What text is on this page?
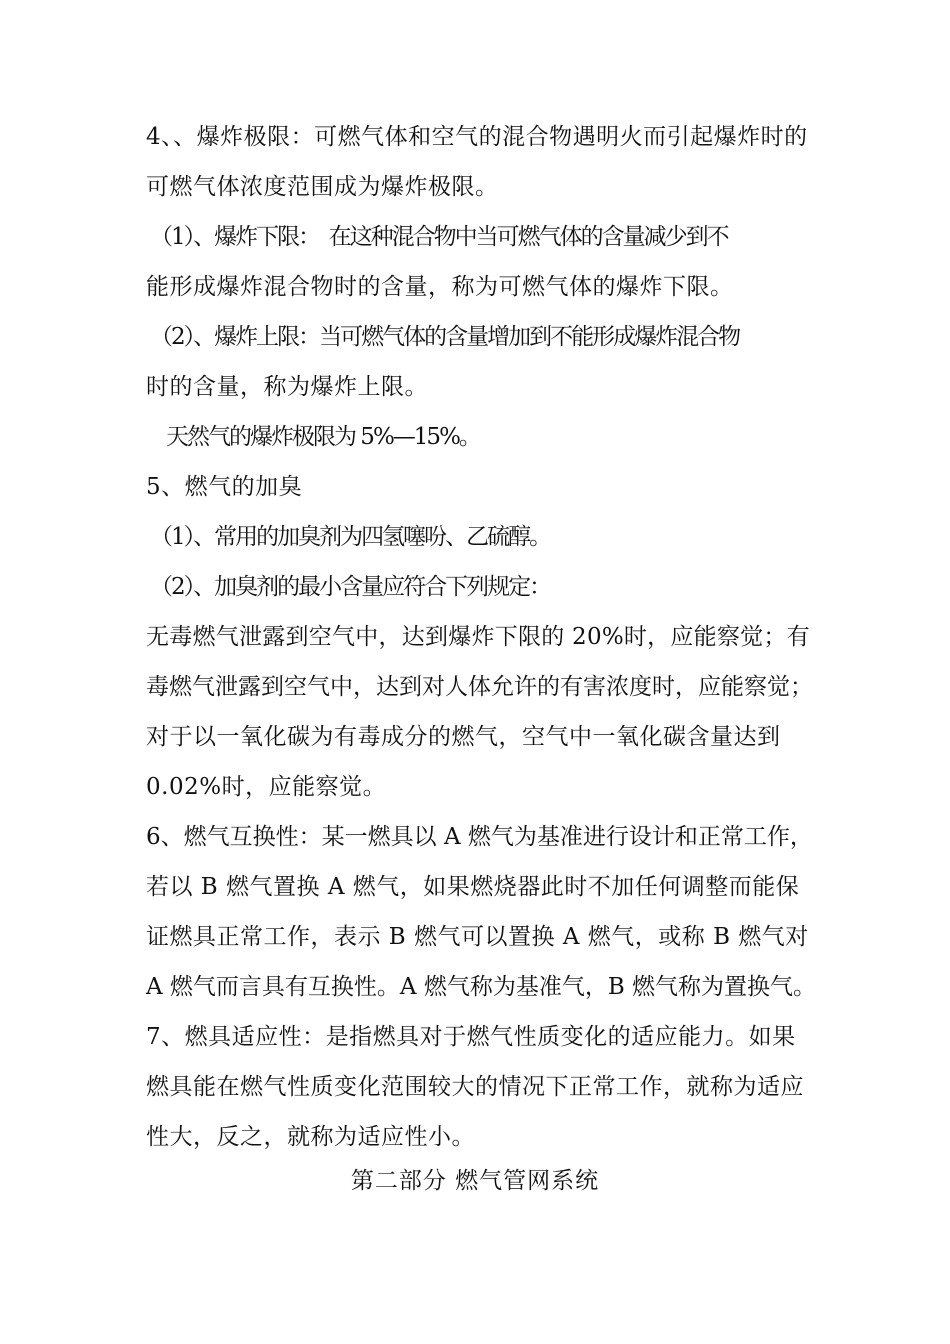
4、、爆炸极限：可燃气体和空气的混合物遇明火而引起爆炸时的
可燃气体浓度范围成为爆炸极限。
（1）、爆炸下限：　在这种混合物中当可燃气体的含量减少到不
能形成爆炸混合物时的含量，称为可燃气体的爆炸下限。
（2）、爆炸上限：当可燃气体的含量增加到不能形成爆炸混合物
时的含量，称为爆炸上限。
天然气的爆炸极限为 5%—15%。
5、燃气的加臭
（1）、常用的加臭剂为四氢噻吩、乙硫醇。
（2）、加臭剂的最小含量应符合下列规定：
无毒燃气泄露到空气中，达到爆炸下限的 20%时，应能察觉；有
毒燃气泄露到空气中，达到对人体允许的有害浓度时，应能察觉；
对于以一氧化碳为有毒成分的燃气，空气中一氧化碳含量达到
0.02%时，应能察觉。
6、燃气互换性：某一燃具以 A 燃气为基准进行设计和正常工作，
若以 B 燃气置换 A 燃气，如果燃烧器此时不加任何调整而能保
证燃具正常工作，表示 B 燃气可以置换 A 燃气，或称 B 燃气对
A 燃气而言具有互换性。A 燃气称为基准气，B 燃气称为置换气。
7、燃具适应性：是指燃具对于燃气性质变化的适应能力。如果
燃具能在燃气性质变化范围较大的情况下正常工作，就称为适应
性大，反之，就称为适应性小。
第二部分 燃气管网系统
